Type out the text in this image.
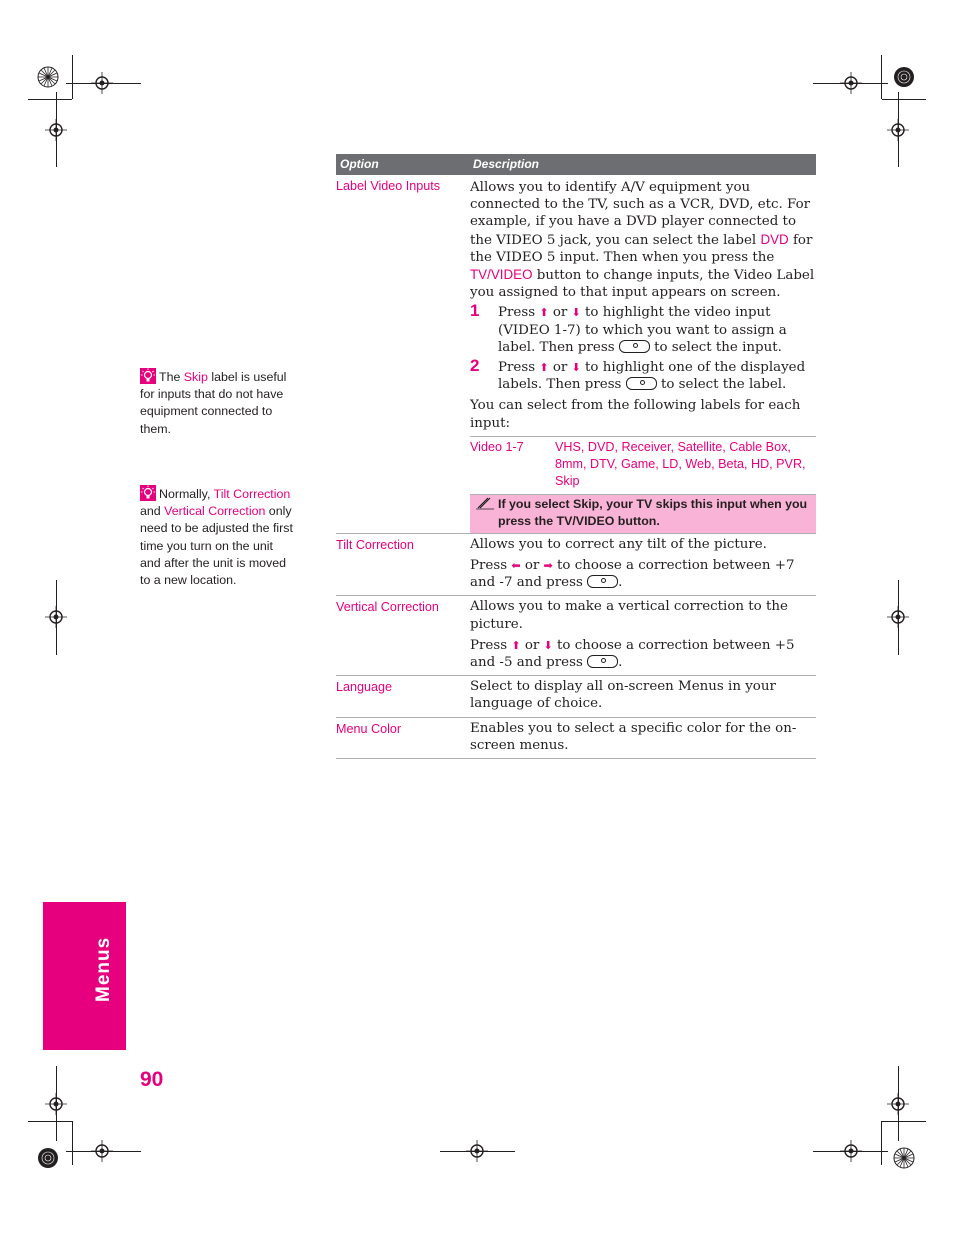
The Skip label is useful for inputs that do not have equipment connected to them.
Normally, Tilt Correction and Vertical Correction only need to be adjusted the first time you turn on the unit and after the unit is moved to a new location.
Option	Description
Label Video Inputs	Allows you to identify A/V equipment you connected to the TV, such as a VCR, DVD, etc. For example, if you have a DVD player connected to the VIDEO 5 jack, you can select the label DVD for the VIDEO 5 input. Then when you press the TV/VIDEO button to change inputs, the Video Label you assigned to that input appears on screen.

1 Press ⬆ or ⬇ to highlight the video input (VIDEO 1-7) to which you want to assign a label. Then press  to select the input.
2 Press ⬆ or ⬇ to highlight one of the displayed labels. Then press  to select the label.

You can select from the following labels for each input:

Video 1-7 VHS, DVD, Receiver, Satellite, Cable Box, 8mm, DTV, Game, LD, Web, Beta, HD, PVR, Skip
If you select Skip, your TV skips this input when you press the TV/VIDEO button.
Tilt Correction	Allows you to correct any tilt of the picture.

Press ⬅ or ➡ to choose a correction between +7 and -7 and press .

Vertical Correction	Allows you to make a vertical correction to the picture.

Press ⬆ or ⬇ to choose a correction between +5 and -5 and press .

Language	Select to display all on-screen Menus in your language of choice.

Menu Color	Enables you to select a specific color for the on-screen menus.

Menus
90
